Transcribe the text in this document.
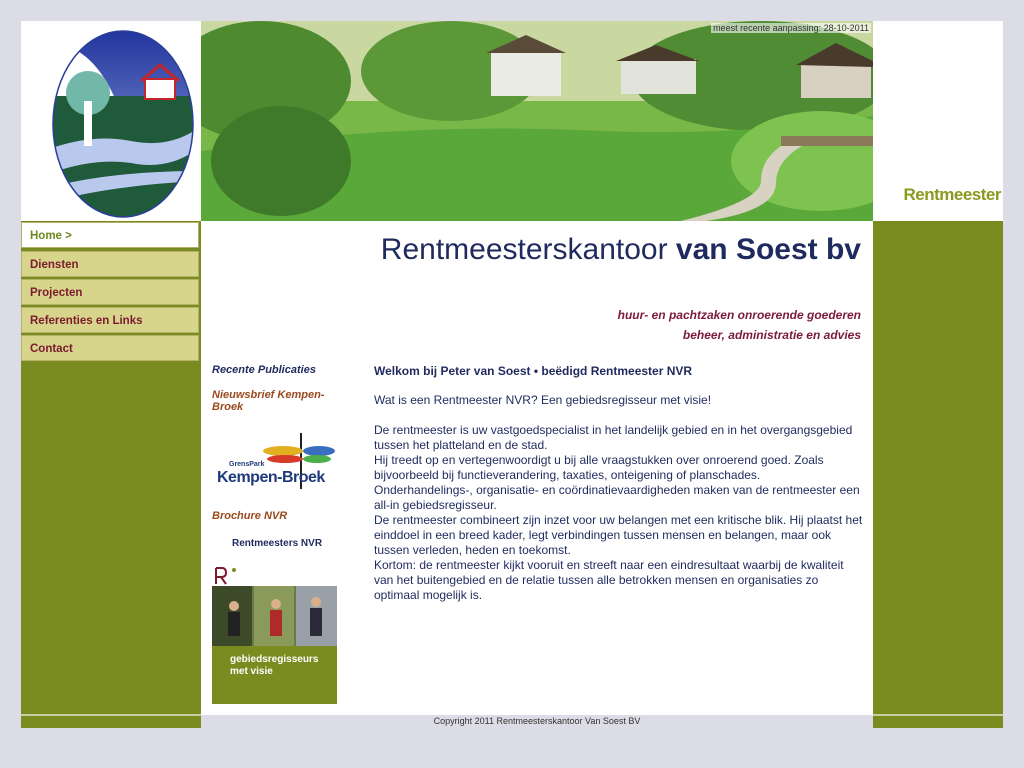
meest recente aanpassing: 28-10-2011
Rentmeester
Home >
Diensten
Projecten
Referenties en Links
Contact
Rentmeesterskantoor van Soest bv
huur- en pachtzaken onroerende goederen
beheer, administratie en advies
Recente Publicaties
Nieuwsbrief Kempen-Broek
GrensPark
Kempen-Broek
Brochure NVR
Rentmeesters NVR
gebiedsregisseurs met visie
Welkom bij Peter van Soest • beëdigd Rentmeester NVR
Wat is een Rentmeester NVR? Een gebiedsregisseur met visie!

De rentmeester is uw vastgoedspecialist in het landelijk gebied en in het overgangsgebied tussen het platteland en de stad.

Hij treedt op en vertegenwoordigt u bij alle vraagstukken over onroerend goed. Zoals bijvoorbeeld bij functieverandering, taxaties, onteigening of planschades.

Onderhandelings-, organisatie- en coördinatievaardigheden maken van de rentmeester een all-in gebiedsregisseur.

De rentmeester combineert zijn inzet voor uw belangen met een kritische blik. Hij plaatst het einddoel in een breed kader, legt verbindingen tussen mensen en belangen, maar ook tussen verleden, heden en toekomst.

Kortom: de rentmeester kijkt vooruit en streeft naar een eindresultaat waarbij de kwaliteit van het buitengebied en de relatie tussen alle betrokken mensen en organisaties zo optimaal mogelijk is.

Copyright 2011 Rentmeesterskantoor Van Soest BV
